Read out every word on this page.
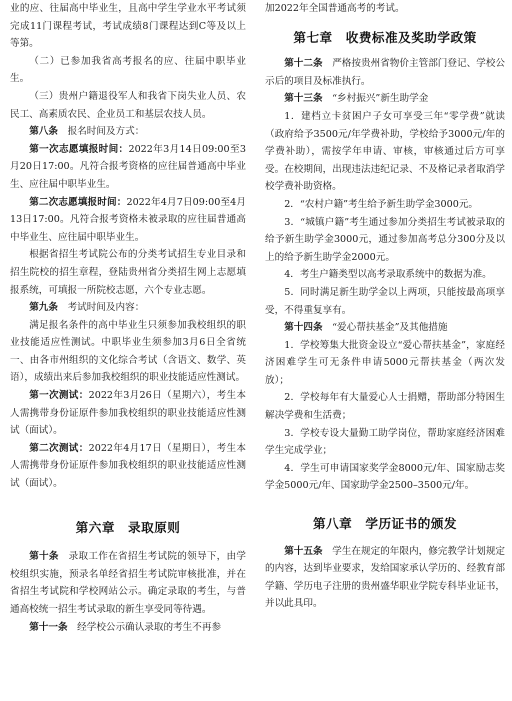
业的应、往届高中毕业生，且高中学生学业水平考试须完成11门课程考试，考试成绩8门课程达到C等及以上等第。

（二）已参加我省高考报名的应、往届中职毕业生。

（三）贵州户籍退役军人和我省下岗失业人员、农民工、高素质农民、企业员工和基层农技人员。

第八条　 报名时间及方式：

第一次志愿填报时间：2022年3月14日09:00至3月20日17:00。凡符合报考资格的应往届普通高中毕业生、应往届中职毕业生。

第二次志愿填报时间：2022年4月7日09:00至4月13日17:00。凡符合报考资格未被录取的应往届普通高中毕业生、应往届中职毕业生。

根据省招生考试院公布的分类考试招生专业目录和招生院校的招生章程，登陆贵州省分类招生网上志愿填报系统，可填报一所院校志愿，六个专业志愿。

第九条　 考试时间及内容：

满足报名条件的高中毕业生只须参加我校组织的职业技能适应性测试。中职毕业生须参加3月6日全省统一、由各市州组织的文化综合考试（含语文、数学、英语），成绩出来后参加我校组织的职业技能适应性测试。

第一次测试：2022年3月26日（星期六），考生本人需携带身份证原件参加我校组织的职业技能适应性测试（面试）。

第二次测试：2022年4月17日（星期日），考生本人需携带身份证原件参加我校组织的职业技能适应性测试（面试）。

第六章　录取原则

第十条　 录取工作在省招生考试院的领导下，由学校组织实施，预录名单经省招生考试院审核批准，并在省招生考试院和学校网站公示。确定录取的考生，与普通高校统一招生考试录取的新生享受同等待遇。

第十一条　 经学校公示确认录取的考生不再参

加2022年全国普通高考的考试。

第七章　收费标准及奖助学政策

第十二条　 严格按贵州省物价主管部门登记、学校公示后的项目及标准执行。

第十三条　 “乡村振兴”新生助学金

1．建档立卡贫困户子女可享受三年“零学费”就读（政府给予3500元/年学费补助，学校给予3000元/年的学费补助），需按学年申请、审核，审核通过后方可享受。在校期间，出现违法违纪记录、不及格记录者取消学校学费补助资格。

2．“农村户籍”考生给予新生助学金3000元。

3．“城镇户籍”考生通过参加分类招生考试被录取的给予新生助学金3000元，通过参加高考总分300分及以上的给予新生助学金2000元。

4．考生户籍类型以高考录取系统中的数据为准。

5．同时满足新生助学金以上两项，只能按最高项享受，不得重复享有。

第十四条　 “爱心帮扶基金”及其他措施

1．学校筹集大批资金设立“爱心帮扶基金”，家庭经济困难学生可无条件申请5000元帮扶基金（两次发放）；

2．学校每年有大量爱心人士捐赠，帮助部分特困生解决学费和生活费；

3．学校专设大量勤工助学岗位，帮助家庭经济困难学生完成学业；

4．学生可申请国家奖学金8000元/年、国家励志奖学金5000元/年、国家助学金2500–3500元/年。

第八章　学历证书的颁发

第十五条　 学生在规定的年限内，修完教学计划规定的内容，达到毕业要求，发给国家承认学历的、经教育部学籍、学历电子注册的贵州盛华职业学院专科毕业证书，并以此具印。
